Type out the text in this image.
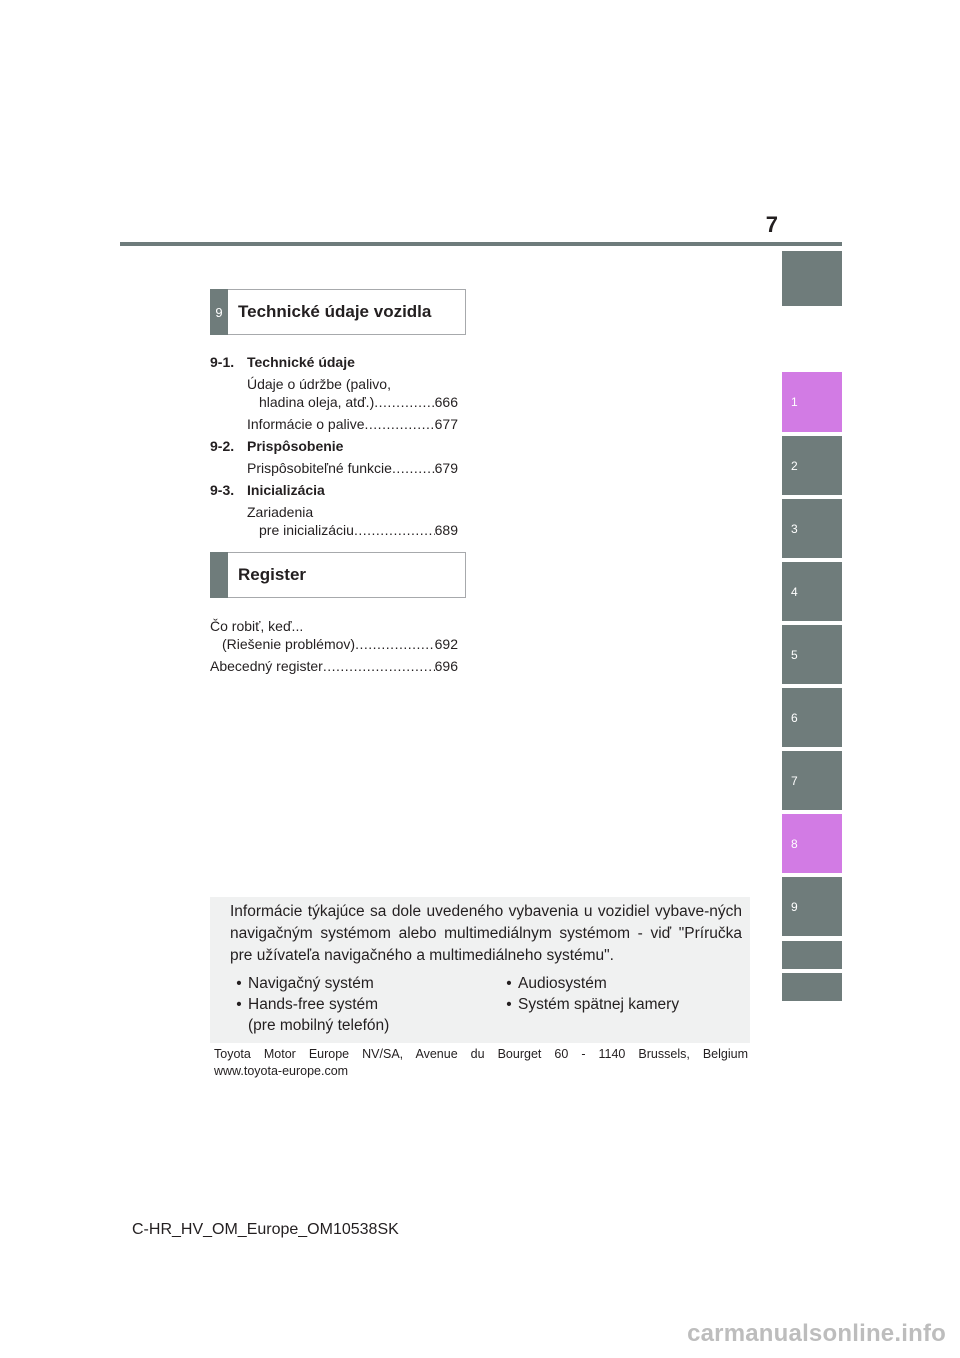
7
1
2
3
4
5
6
7
8
9
9 Technické údaje vozidla
9-1. Technické údaje
Údaje o údržbe (palivo,
hladina oleja, atď.) .....	666
Informácie o palive .....	677
9-2. Prispôsobenie
Prispôsobiteľné funkcie .....	679
9-3. Inicializácia
Zariadenia
pre inicializáciu .....	689
Register
Čo robiť, keď...
(Riešenie problémov) .....	692
Abecedný register .....	696
Informácie týkajúce sa dole uvedeného vybavenia u vozidiel vybave-ných navigačným systémom alebo multimediálnym systémom - viď "Príručka pre užívateľa navigačného a multimediálneho systému".
• Navigačný systém
• Hands-free systém
(pre mobilný telefón)
• Audiosystém
• Systém spätnej kamery
Toyota Motor Europe NV/SA, Avenue du Bourget 60 - 1140 Brussels, Belgium
www.toyota-europe.com
C-HR_HV_OM_Europe_OM10538SK
carmanualsonline.info
